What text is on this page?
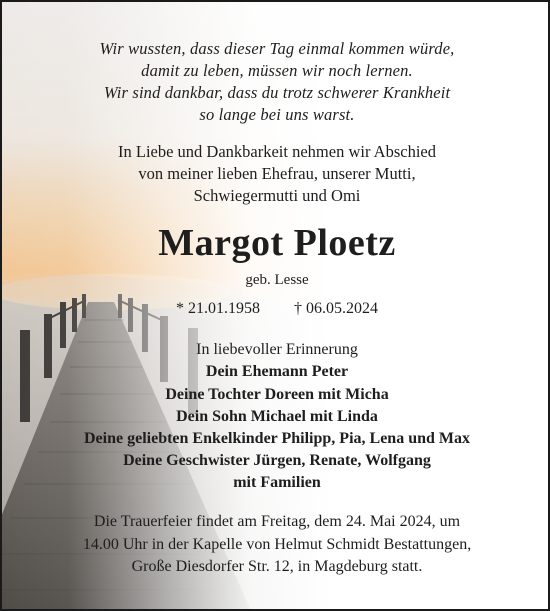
Wir wussten, dass dieser Tag einmal kommen würde,
damit zu leben, müssen wir noch lernen.
Wir sind dankbar, dass du trotz schwerer Krankheit
so lange bei uns warst.
In Liebe und Dankbarkeit nehmen wir Abschied
von meiner lieben Ehefrau, unserer Mutti,
Schwiegermutti und Omi
Margot Ploetz
geb. Lesse
* 21.01.1958 † 06.05.2024
In liebevoller Erinnerung
Dein Ehemann Peter
Deine Tochter Doreen mit Micha
Dein Sohn Michael mit Linda
Deine geliebten Enkelkinder Philipp, Pia, Lena und Max
Deine Geschwister Jürgen, Renate, Wolfgang
mit Familien
Die Trauerfeier findet am Freitag, dem 24. Mai 2024, um
14.00 Uhr in der Kapelle von Helmut Schmidt Bestattungen,
Große Diesdorfer Str. 12, in Magdeburg statt.
